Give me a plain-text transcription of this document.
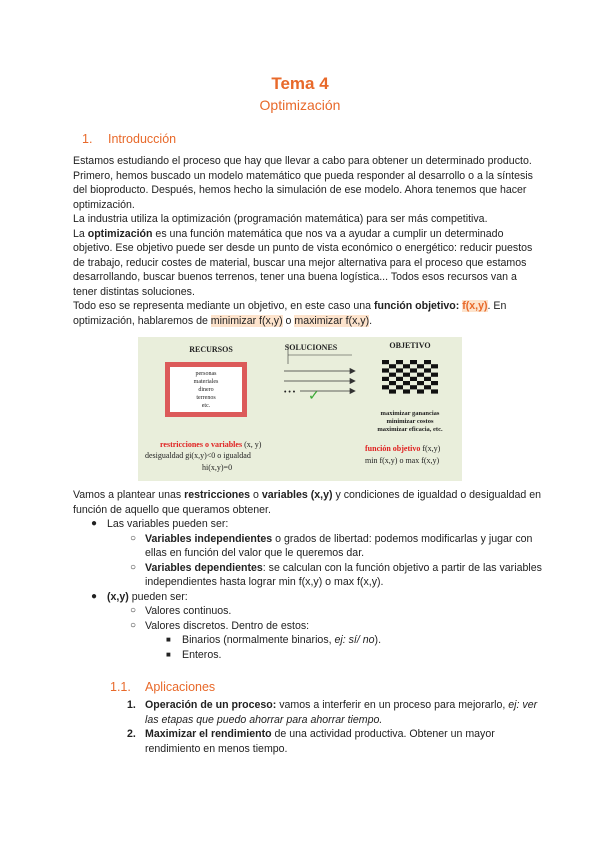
Tema 4
Optimización
1. Introducción
Estamos estudiando el proceso que hay que llevar a cabo para obtener un determinado producto. Primero, hemos buscado un modelo matemático que pueda responder al desarrollo o a la síntesis del bioproducto. Después, hemos hecho la simulación de ese modelo. Ahora tenemos que hacer optimización.
La industria utiliza la optimización (programación matemática) para ser más competitiva.
La optimización es una función matemática que nos va a ayudar a cumplir un determinado objetivo. Ese objetivo puede ser desde un punto de vista económico o energético: reducir puestos de trabajo, reducir costes de material, buscar una mejor alternativa para el proceso que estamos desarrollando, buscar buenos terrenos, tener una buena logística... Todos esos recursos van a tener distintas soluciones.
Todo eso se representa mediante un objetivo, en este caso una función objetivo: f(x,y). En optimización, hablaremos de minimizar f(x,y) o maximizar f(x,y).
RECURSOS	SOLUCIONES	OBJETIVO
personas
materiales
dinero
terrenos
etc.
• • • ✓
maximizar ganancias
minimizar costos
maximizar eficacia, etc.
restricciones o variables (x, y)
desigualdad gi(x,y)<0 o igualdad
hi(x,y)=0
función objetivo f(x,y)
min f(x,y) o max f(x,y)
Vamos a plantear unas restricciones o variables (x,y) y condiciones de igualdad o desigualdad en función de aquello que queramos obtener.
● Las variables pueden ser:
○ Variables independientes o grados de libertad: podemos modificarlas y jugar con ellas en función del valor que le queremos dar.
○ Variables dependientes: se calculan con la función objetivo a partir de las variables independientes hasta lograr min f(x,y) o max f(x,y).
● (x,y) pueden ser:
○ Valores continuos.
○ Valores discretos. Dentro de estos:
■ Binarios (normalmente binarios, ej: sí/ no).
■ Enteros.
1.1. Aplicaciones
1. Operación de un proceso: vamos a interferir en un proceso para mejorarlo, ej: ver las etapas que puedo ahorrar para ahorrar tiempo.
2. Maximizar el rendimiento de una actividad productiva. Obtener un mayor rendimiento en menos tiempo.
